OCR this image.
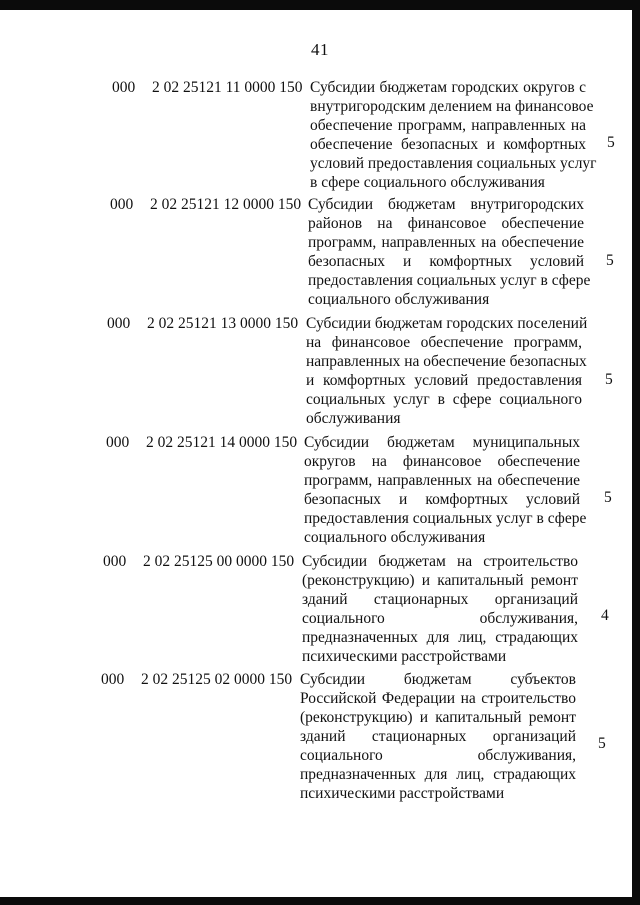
41
000 2 02 25121 11 0000 150 Субсидии бюджетам городских округов с
внутригородским делением на финансовое
обеспечение программ, направленных на
обеспечение безопасных и комфортных
условий предоставления социальных услуг
в сфере социального обслуживания
5
000 2 02 25121 12 0000 150 Субсидии бюджетам внутригородских
районов на финансовое обеспечение
программ, направленных на обеспечение
безопасных и комфортных условий
предоставления социальных услуг в сфере
социального обслуживания
5
000 2 02 25121 13 0000 150 Субсидии бюджетам городских поселений
на финансовое обеспечение программ,
направленных на обеспечение безопасных
и комфортных условий предоставления
социальных услуг в сфере социального
обслуживания
5
000 2 02 25121 14 0000 150 Субсидии бюджетам муниципальных
округов на финансовое обеспечение
программ, направленных на обеспечение
безопасных и комфортных условий
предоставления социальных услуг в сфере
социального обслуживания
5
000 2 02 25125 00 0000 150 Субсидии бюджетам на строительство
(реконструкцию) и капитальный ремонт
зданий стационарных организаций
социального обслуживания,
предназначенных для лиц, страдающих
психическими расстройствами
4
000 2 02 25125 02 0000 150 Субсидии бюджетам субъектов
Российской Федерации на строительство
(реконструкцию) и капитальный ремонт
зданий стационарных организаций
социального обслуживания,
предназначенных для лиц, страдающих
психическими расстройствами
5
